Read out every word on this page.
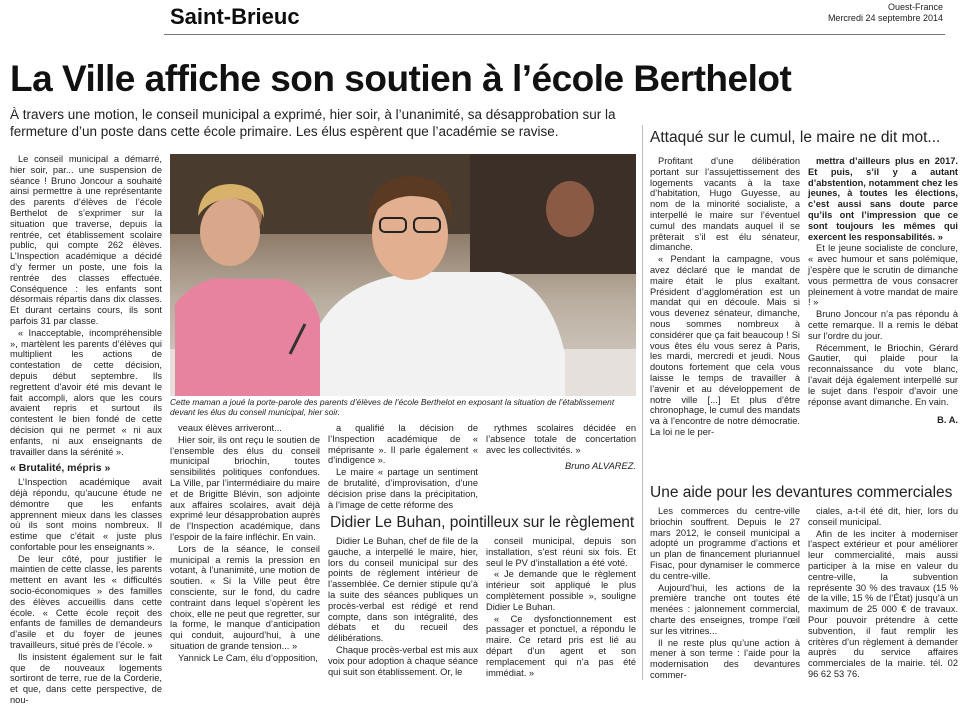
Saint-Brieuc	Ouest-France
Mercredi 24 septembre 2014
La Ville affiche son soutien à l’école Berthelot
À travers une motion, le conseil municipal a exprimé, hier soir, à l’unanimité, sa désapprobation sur la fermeture d’un poste dans cette école primaire. Les élus espèrent que l’académie se ravise.

Le conseil municipal a démarré, hier soir, par... une suspension de séance ! Bruno Joncour a souhaité ainsi permettre à une représentante des parents d’élèves de l’école Berthelot de s’exprimer sur la situation que traverse, depuis la rentrée, cet établissement scolaire public, qui compte 262 élèves. L’Inspection académique a décidé d’y fermer un poste, une fois la rentrée des classes effectuée. Conséquence : les enfants sont désormais répartis dans dix classes. Et durant certains cours, ils sont parfois 31 par classe.

« Inacceptable, incompréhensible », martèlent les parents d’élèves qui multiplient les actions de contestation de cette décision, depuis début septembre. Ils regrettent d’avoir été mis devant le fait accompli, alors que les cours avaient repris et surtout ils contestent le bien fondé de cette décision qui ne permet « ni aux enfants, ni aux enseignants de travailler dans la sérénité ».

« Brutalité, mépris »

L’Inspection académique avait déjà répondu, qu’aucune étude ne démontre que les enfants apprennent mieux dans les classes où ils sont moins nombreux. Il estime que c’était « juste plus confortable pour les enseignants ».

De leur côté, pour justifier le maintien de cette classe, les parents mettent en avant les « difficultés socio-économiques » des familles des élèves accueillis dans cette école. « Cette école reçoit des enfants de familles de demandeurs d’asile et du foyer de jeunes travailleurs, situé près de l’école. »

Ils insistent également sur le fait que de nouveaux logements sortiront de terre, rue de la Corderie, et que, dans cette perspective, de nou-

Cette maman a joué la porte-parole des parents d’élèves de l’école Berthelot en exposant la situation de l’établissement devant les élus du conseil municipal, hier soir.

veaux élèves arriveront...

Hier soir, ils ont reçu le soutien de l’ensemble des élus du conseil municipal briochin, toutes sensibilités politiques confondues. La Ville, par l’intermédiaire du maire et de Brigitte Blévin, son adjointe aux affaires scolaires, avait déjà exprimé leur désapprobation auprès de l’Inspection académique, dans l’espoir de la faire infléchir. En vain.

Lors de la séance, le conseil municipal a remis la pression en votant, à l’unanimité, une motion de soutien. « Si la Ville peut être consciente, sur le fond, du cadre contraint dans lequel s’opèrent les choix, elle ne peut que regretter, sur la forme, le manque d’anticipation qui conduit, aujourd’hui, à une situation de grande tension... »

Yannick Le Cam, élu d’opposition,

a qualifié la décision de l’Inspection académique de « méprisante ». Il parle également « d’indigence ».

Le maire « partage un sentiment de brutalité, d’improvisation, d’une décision prise dans la précipitation, à l’image de cette réforme des

rythmes scolaires décidée en l’absence totale de concertation avec les collectivités. »

Bruno ALVAREZ.

Didier Le Buhan, pointilleux sur le règlement

Didier Le Buhan, chef de file de la gauche, a interpellé le maire, hier, lors du conseil municipal sur des points de règlement intérieur de l’assemblée. Ce dernier stipule qu’à la suite des séances publiques un procès-verbal est rédigé et rend compte, dans son intégralité, des débats et du recueil des délibérations.

Chaque procès-verbal est mis aux voix pour adoption à chaque séance qui suit son établissement. Or, le

conseil municipal, depuis son installation, s’est réuni six fois. Et seul le PV d’installation a été voté.

« Je demande que le règlement intérieur soit appliqué le plus complètement possible », souligne Didier Le Buhan.

« Ce dysfonctionnement est passager et ponctuel, a répondu le maire. Ce retard pris est lié au départ d’un agent et son remplacement qui n’a pas été immédiat. »

Attaqué sur le cumul, le maire ne dit mot...

Profitant d’une délibération portant sur l’assujettissement des logements vacants à la taxe d’habitation, Hugo Guyesse, au nom de la minorité socialiste, a interpellé le maire sur l’éventuel cumul des mandats auquel il se prêterait s’il est élu sénateur, dimanche.

« Pendant la campagne, vous avez déclaré que le mandat de maire était le plus exaltant. Président d’agglomération est un mandat qui en découle. Mais si vous devenez sénateur, dimanche, nous sommes nombreux à considérer que ça fait beaucoup ! Si vous êtes élu vous serez à Paris, les mardi, mercredi et jeudi. Nous doutons fortement que cela vous laisse le temps de travailler à l’avenir et au développement de notre ville [...] Et plus d’être chronophage, le cumul des mandats va à l’encontre de notre démocratie. La loi ne le per-

mettra d’ailleurs plus en 2017. Et puis, s’il y a autant d’abstention, notamment chez les jeunes, à toutes les élections, c’est aussi sans doute parce qu’ils ont l’impression que ce sont toujours les mêmes qui exercent les responsabilités. »

Et le jeune socialiste de conclure, « avec humour et sans polémique, j’espère que le scrutin de dimanche vous permettra de vous consacrer pleinement à votre mandat de maire ! »

Bruno Joncour n’a pas répondu à cette remarque. Il a remis le débat sur l’ordre du jour.

Récemment, le Briochin, Gérard Gautier, qui plaide pour la reconnaissance du vote blanc, l’avait déjà également interpellé sur le sujet dans l’espoir d’avoir une réponse avant dimanche. En vain.

B. A.

Une aide pour les devantures commerciales

Les commerces du centre-ville briochin souffrent. Depuis le 27 mars 2012, le conseil municipal a adopté un programme d’actions et un plan de financement pluriannuel Fisac, pour dynamiser le commerce du centre-ville.

Aujourd’hui, les actions de la première tranche ont toutes été menées : jalonnement commercial, charte des enseignes, trompe l’œil sur les vitrines...

Il ne reste plus qu’une action à mener à son terme : l’aide pour la modernisation des devantures commer-

ciales, a-t-il été dit, hier, lors du conseil municipal.

Afin de les inciter à moderniser l’aspect extérieur et pour améliorer leur commercialité, mais aussi participer à la mise en valeur du centre-ville, la subvention représente 30 % des travaux (15 % de la ville, 15 % de l’État) jusqu’à un maximum de 25 000 € de travaux. Pour pouvoir prétendre à cette subvention, il faut remplir les critères d’un règlement à demander auprès du service affaires commerciales de la mairie. tél. 02 96 62 53 76.
